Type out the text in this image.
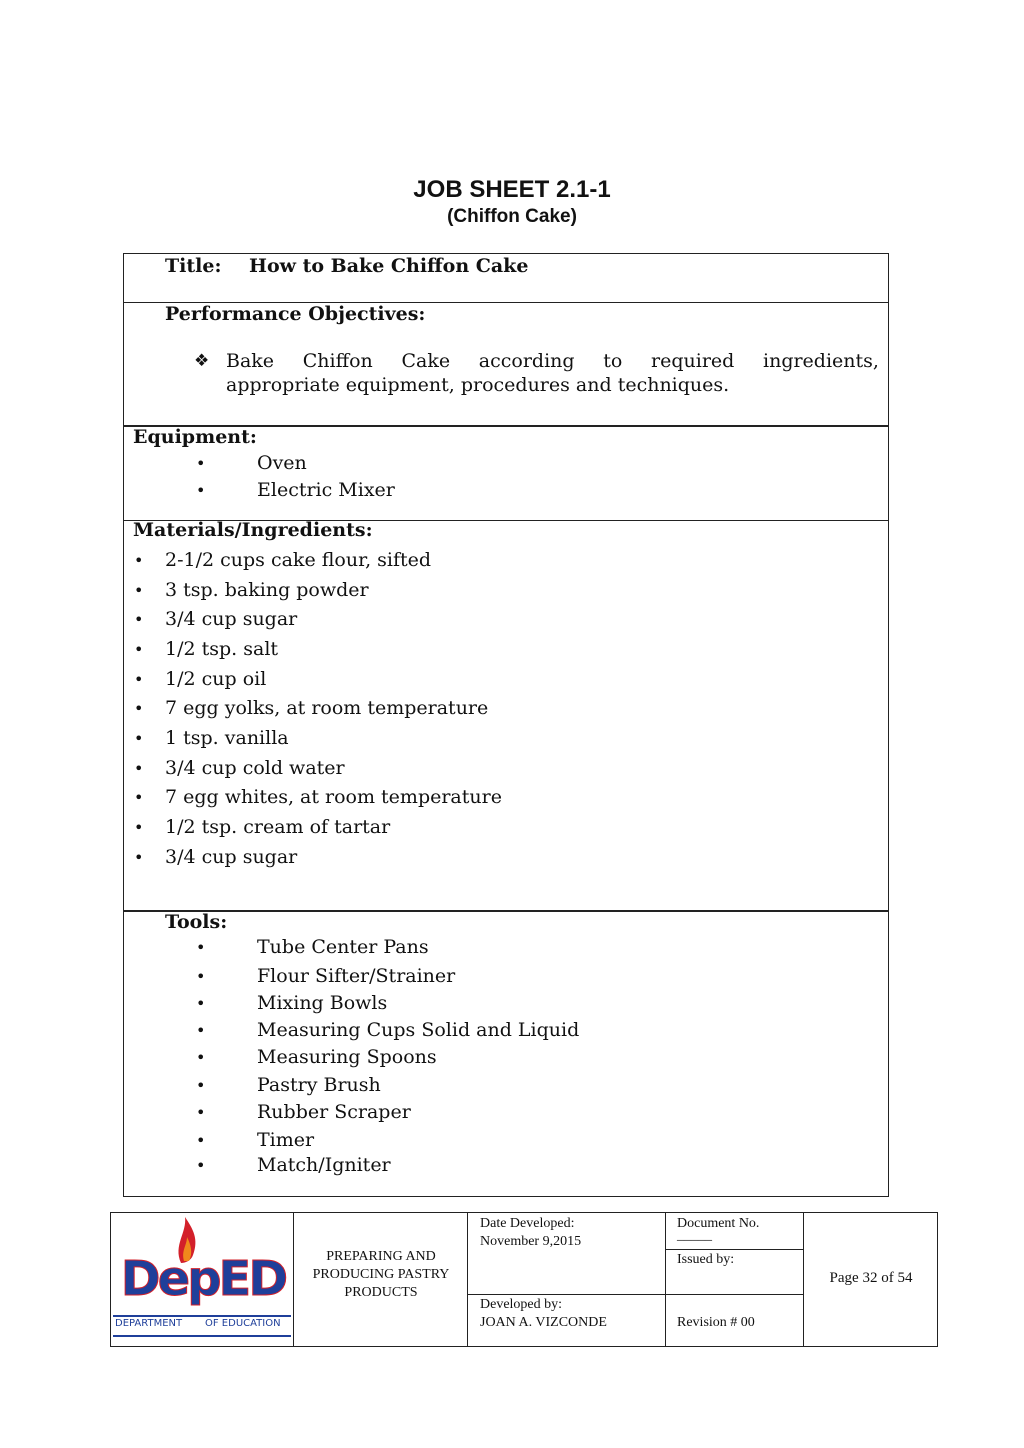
JOB SHEET 2.1-1
(Chiffon Cake)
Title: How to Bake Chiffon Cake
Performance Objectives:
❖ Bake Chiffon Cake according to required ingredients,
appropriate equipment, procedures and techniques.
Equipment:
•	Oven
•	Electric Mixer
Materials/Ingredients:
• 2-1/2 cups cake flour, sifted
• 3 tsp. baking powder
• 3/4 cup sugar
• 1/2 tsp. salt
• 1/2 cup oil
• 7 egg yolks, at room temperature
• 1 tsp. vanilla
• 3/4 cup cold water
• 7 egg whites, at room temperature
• 1/2 tsp. cream of tartar
• 3/4 cup sugar
Tools:
•	Tube Center Pans
•	Flour Sifter/Strainer
•	Mixing Bowls
•	Measuring Cups Solid and Liquid
•	Measuring Spoons
•	Pastry Brush
•	Rubber Scraper
•	Timer
•	Match/Igniter
DepED
DEPARTMENT OF EDUCATION
PREPARING AND
PRODUCING PASTRY
PRODUCTS
Date Developed:
November 9,2015
Developed by:
JOAN A. VIZCONDE
Document No.
_____
Issued by:
Revision # 00
Page 32 of 54
